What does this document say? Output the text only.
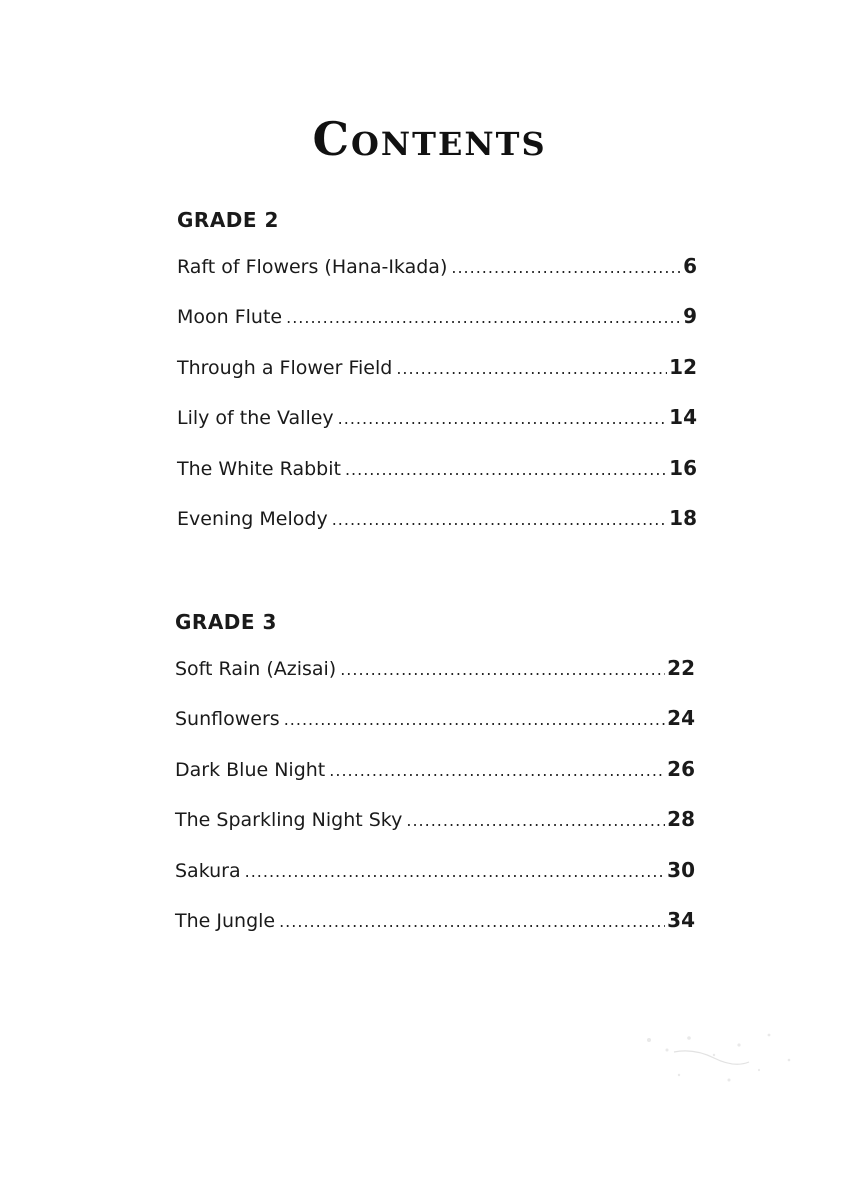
Contents
GRADE 2
Raft of Flowers (Hana-Ikada) .....	6
Moon Flute .....	9
Through a Flower Field .....	12
Lily of the Valley .....	14
The White Rabbit .....	16
Evening Melody .....	18
GRADE 3
Soft Rain (Azisai) .....	22
Sunflowers .....	24
Dark Blue Night .....	26
The Sparkling Night Sky .....	28
Sakura .....	30
The Jungle .....	34
